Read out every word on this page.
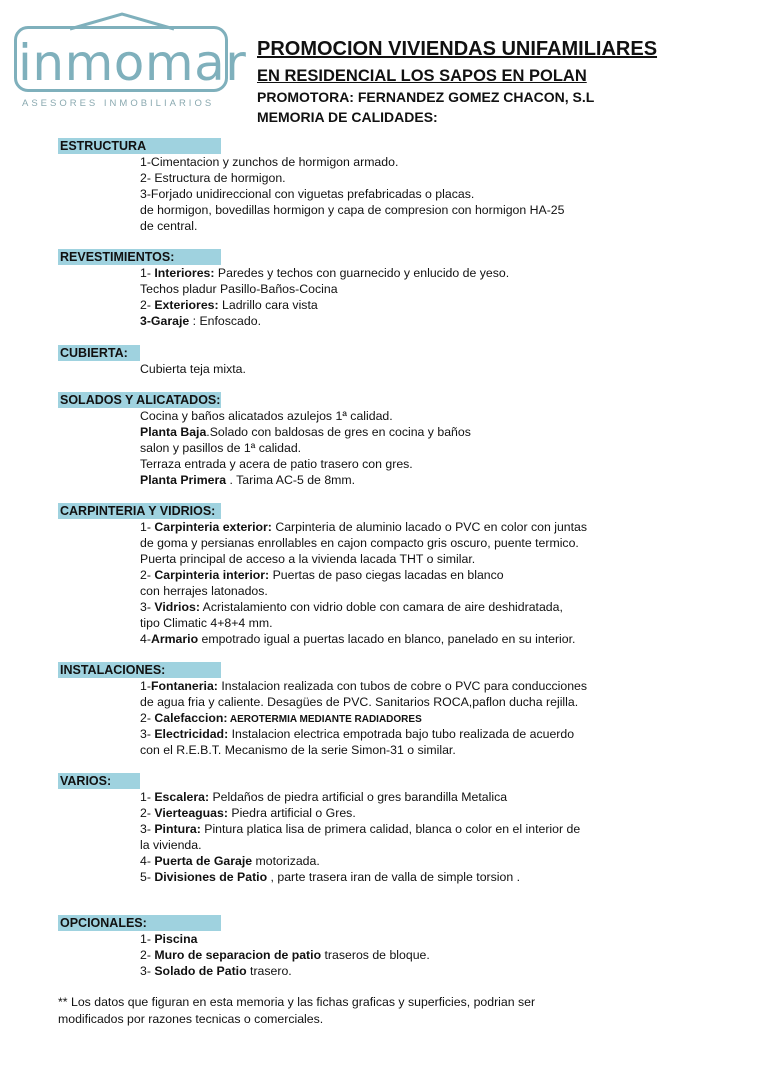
inmomar
ASESORES INMOBILIARIOS
PROMOCION VIVIENDAS UNIFAMILIARES
EN RESIDENCIAL LOS SAPOS EN POLAN
PROMOTORA: FERNANDEZ GOMEZ CHACON, S.L
MEMORIA DE CALIDADES:
ESTRUCTURA
1-Cimentacion y zunchos de hormigon armado.
2- Estructura de hormigon.
3-Forjado unidireccional con viguetas prefabricadas o placas.
de hormigon, bovedillas hormigon y capa de compresion con hormigon HA-25
de central.
REVESTIMIENTOS:
1- Interiores: Paredes y techos con guarnecido y enlucido de yeso.
Techos pladur Pasillo-Baños-Cocina
2- Exteriores: Ladrillo cara vista
3-Garaje : Enfoscado.
CUBIERTA:
Cubierta teja mixta.
SOLADOS Y ALICATADOS:
Cocina y baños alicatados azulejos 1ª calidad.
Planta Baja.Solado con baldosas de gres en cocina y baños
salon y pasillos de 1ª calidad.
Terraza entrada y acera de patio trasero con gres.
Planta Primera . Tarima AC-5 de 8mm.
CARPINTERIA Y VIDRIOS:
1- Carpinteria exterior: Carpinteria de aluminio lacado o PVC en color con juntas
de goma y persianas enrollables en cajon compacto gris oscuro, puente termico.
Puerta principal de acceso a la vivienda lacada THT o similar.
2- Carpinteria interior: Puertas de paso ciegas lacadas en blanco
con herrajes latonados.
3- Vidrios: Acristalamiento con vidrio doble con camara de aire deshidratada,
tipo Climatic 4+8+4 mm.
4-Armario empotrado igual a puertas lacado en blanco, panelado en su interior.
INSTALACIONES:
1-Fontaneria: Instalacion realizada con tubos de cobre o PVC para conducciones
de agua fria y caliente. Desagües de PVC. Sanitarios ROCA,paflon ducha rejilla.
2- Calefaccion: AEROTERMIA MEDIANTE RADIADORES
3- Electricidad: Instalacion electrica empotrada bajo tubo realizada de acuerdo
con el R.E.B.T. Mecanismo de la serie Simon-31 o similar.
VARIOS:
1- Escalera: Peldaños de piedra artificial o gres barandilla Metalica
2- Vierteaguas: Piedra artificial o Gres.
3- Pintura: Pintura platica lisa de primera calidad, blanca o color en el interior de
la vivienda.
4- Puerta de Garaje motorizada.
5- Divisiones de Patio , parte trasera iran de valla de simple torsion .
OPCIONALES:
1- Piscina
2- Muro de separacion de patio traseros de bloque.
3- Solado de Patio trasero.
** Los datos que figuran en esta memoria y las fichas graficas y superficies, podrian ser
modificados por razones tecnicas o comerciales.
